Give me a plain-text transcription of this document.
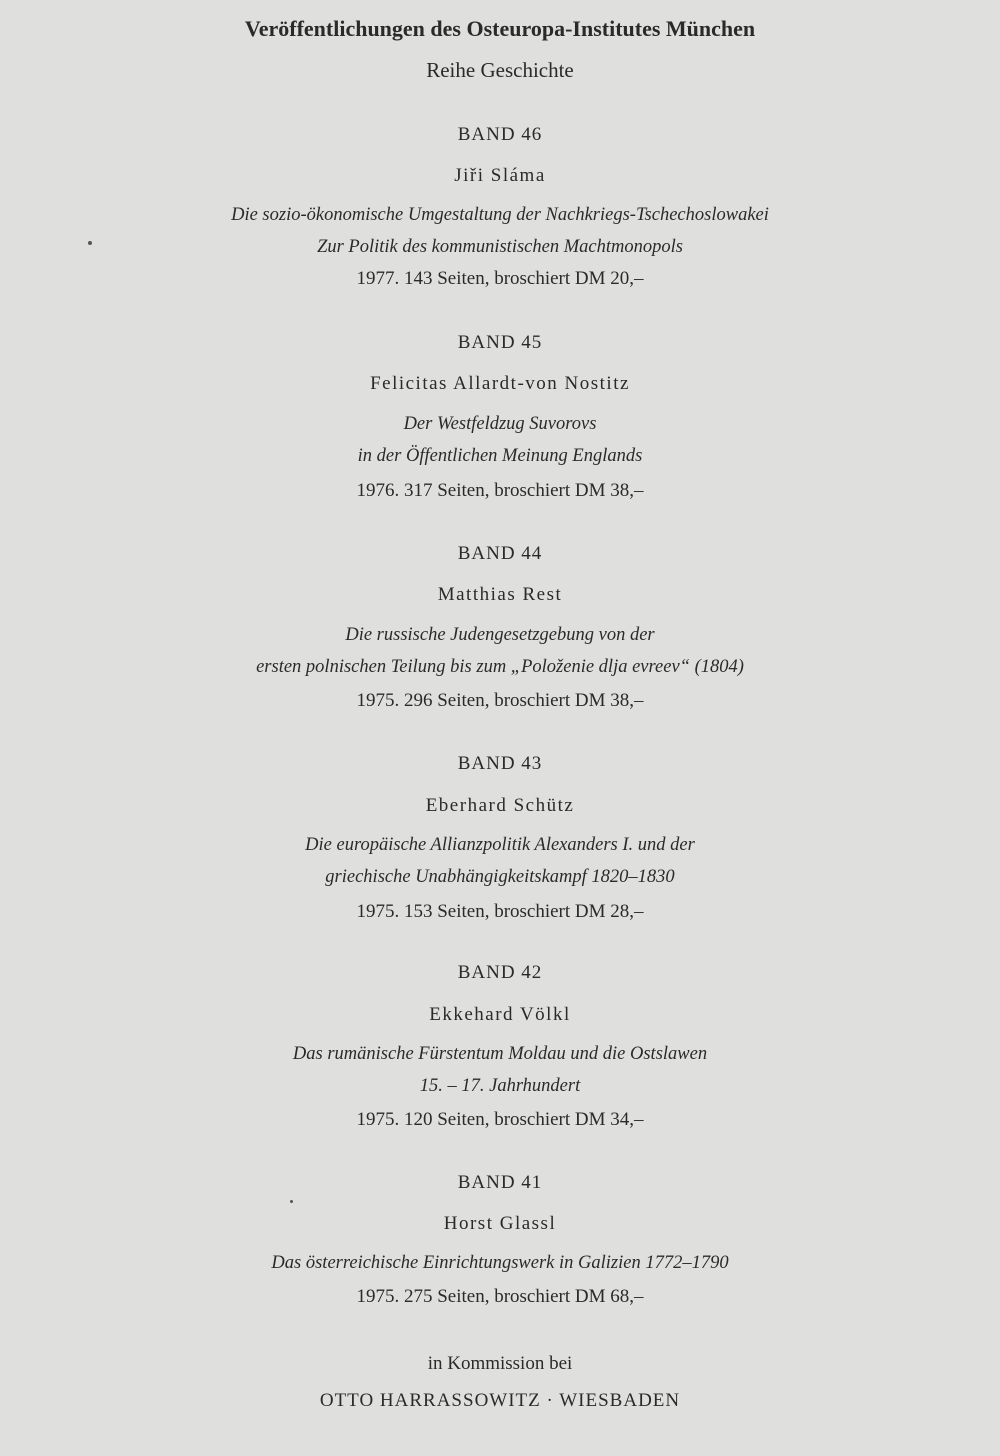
Veröffentlichungen des Osteuropa-Institutes München
Reihe Geschichte
BAND 46
Jiři Sláma
Die sozio-ökonomische Umgestaltung der Nachkriegs-Tschechoslowakei
Zur Politik des kommunistischen Machtmonopols
1977. 143 Seiten, broschiert DM 20,–
BAND 45
Felicitas Allardt-von Nostitz
Der Westfeldzug Suvorovs
in der Öffentlichen Meinung Englands
1976. 317 Seiten, broschiert DM 38,–
BAND 44
Matthias Rest
Die russische Judengesetzgebung von der
ersten polnischen Teilung bis zum „Položenie dlja evreev“ (1804)
1975. 296 Seiten, broschiert DM 38,–
BAND 43
Eberhard Schütz
Die europäische Allianzpolitik Alexanders I. und der
griechische Unabhängigkeitskampf 1820–1830
1975. 153 Seiten, broschiert DM 28,–
BAND 42
Ekkehard Völkl
Das rumänische Fürstentum Moldau und die Ostslawen
15. – 17. Jahrhundert
1975. 120 Seiten, broschiert DM 34,–
BAND 41
Horst Glassl
Das österreichische Einrichtungswerk in Galizien 1772–1790
1975. 275 Seiten, broschiert DM 68,–
in Kommission bei
OTTO HARRASSOWITZ · WIESBADEN
